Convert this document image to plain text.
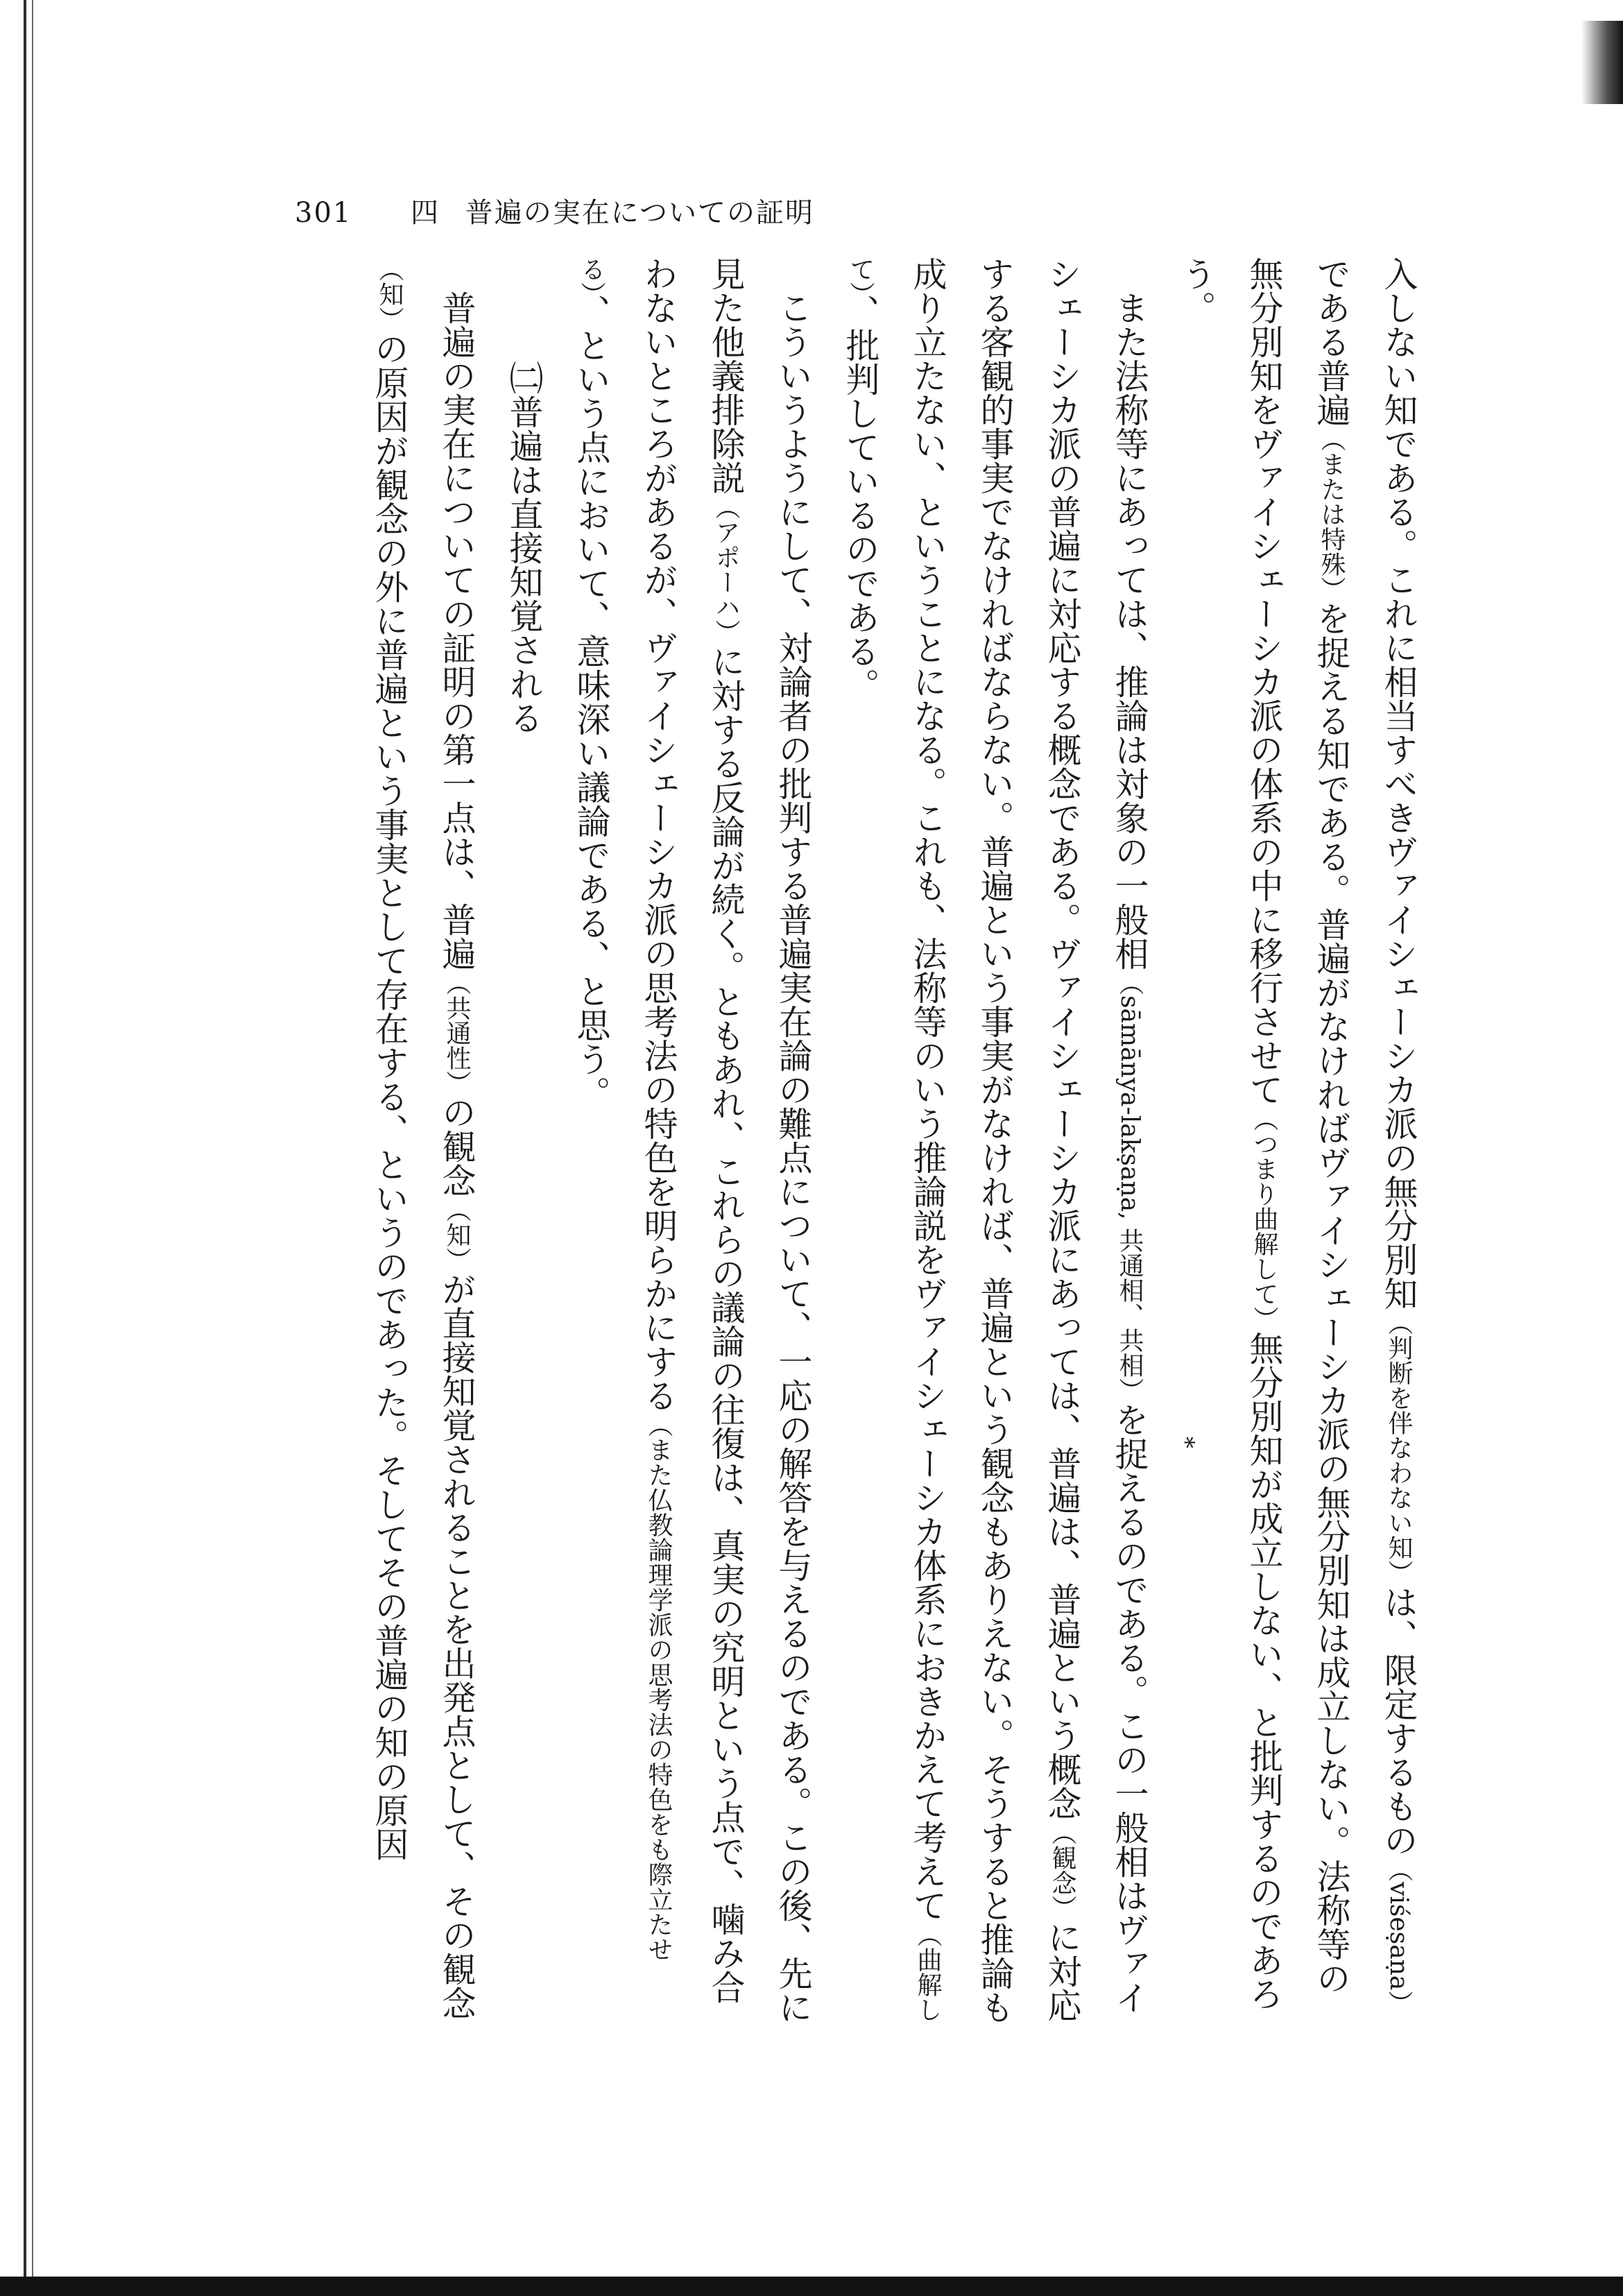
301 四 普遍の実在についての証明

入しない知である。これに相当すべきヴァイシェーシカ派の無分別知（判断を伴なわない知）は、限定するもの（viśeṣaṇa）である普遍（または特殊）を捉える知である。普遍がなければヴァイシェーシカ派の無分別知は成立しない。法称等の無分別知をヴァイシェーシカ派の体系の中に移行させて（つまり曲解して）無分別知が成立しない、と批判するのであろう。

また法称等にあっては、推論は対象の一般相（sāmānya-lakṣaṇa, 共通相、共相）を捉えるのである。この一般相はヴァイシェーシカ派の普遍に対応する概念である。ヴァイシェーシカ派にあっては、普遍は、普遍という概念（観念）に対応する客観的事実でなければならない。普遍という事実がなければ、普遍という観念もありえない。そうすると推論も成り立たない、ということになる。これも、法称等のいう推論説をヴァイシェーシカ体系におきかえて考えて（曲解して）、批判しているのである。

こういうようにして、対論者の批判する普遍実在論の難点について、一応の解答を与えるのである。この後、先に見た他義排除説（アポーハ）に対する反論が続く。ともあれ、これらの議論の往復は、真実の究明という点で、噛み合わないところがあるが、ヴァイシェーシカ派の思考法の特色を明らかにする（また仏教論理学派の思考法の特色をも際立たせる）、という点において、意味深い議論である、と思う。

㈡普遍は直接知覚される

普遍の実在についての証明の第一点は、普遍（共通性）の観念（知）が直接知覚されることを出発点として、その観念（知）の原因が観念の外に普遍という事実として存在する、というのであった。そしてその普遍の知の原因
